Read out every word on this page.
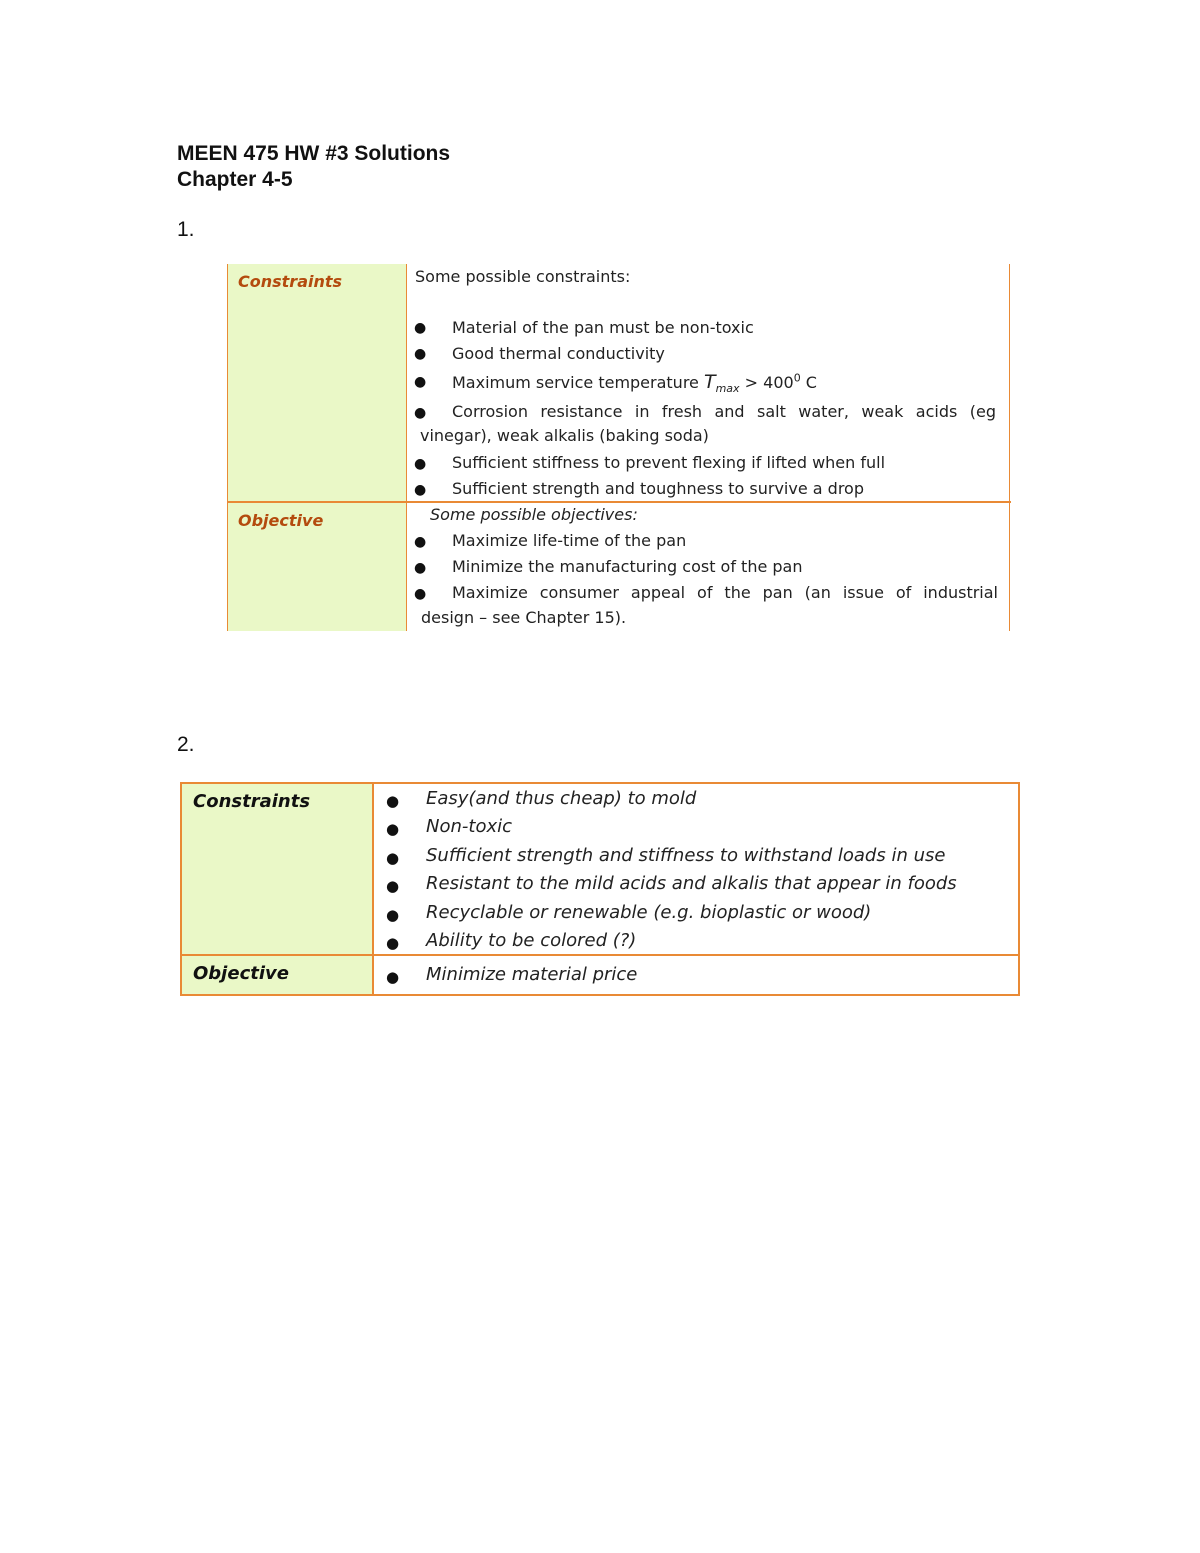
MEEN 475 HW #3 Solutions
Chapter 4-5
1.
Constraints	Some possible constraints:
● Material of the pan must be non-toxic
● Good thermal conductivity
● Maximum service temperature $T_{max} > 400^0$ C
● Corrosion resistance in fresh and salt water, weak acids (eg
vinegar), weak alkalis (baking soda)
● Sufficient stiffness to prevent flexing if lifted when full
● Sufficient strength and toughness to survive a drop
Objective	Some possible objectives:
● Maximize life-time of the pan
● Minimize the manufacturing cost of the pan
● Maximize consumer appeal of the pan (an issue of industrial
design – see Chapter 15).
2.
Constraints	● Easy(and thus cheap) to mold
● Non-toxic
● Sufficient strength and stiffness to withstand loads in use
● Resistant to the mild acids and alkalis that appear in foods
● Recyclable or renewable (e.g. bioplastic or wood)
● Ability to be colored (?)
Objective	● Minimize material price
